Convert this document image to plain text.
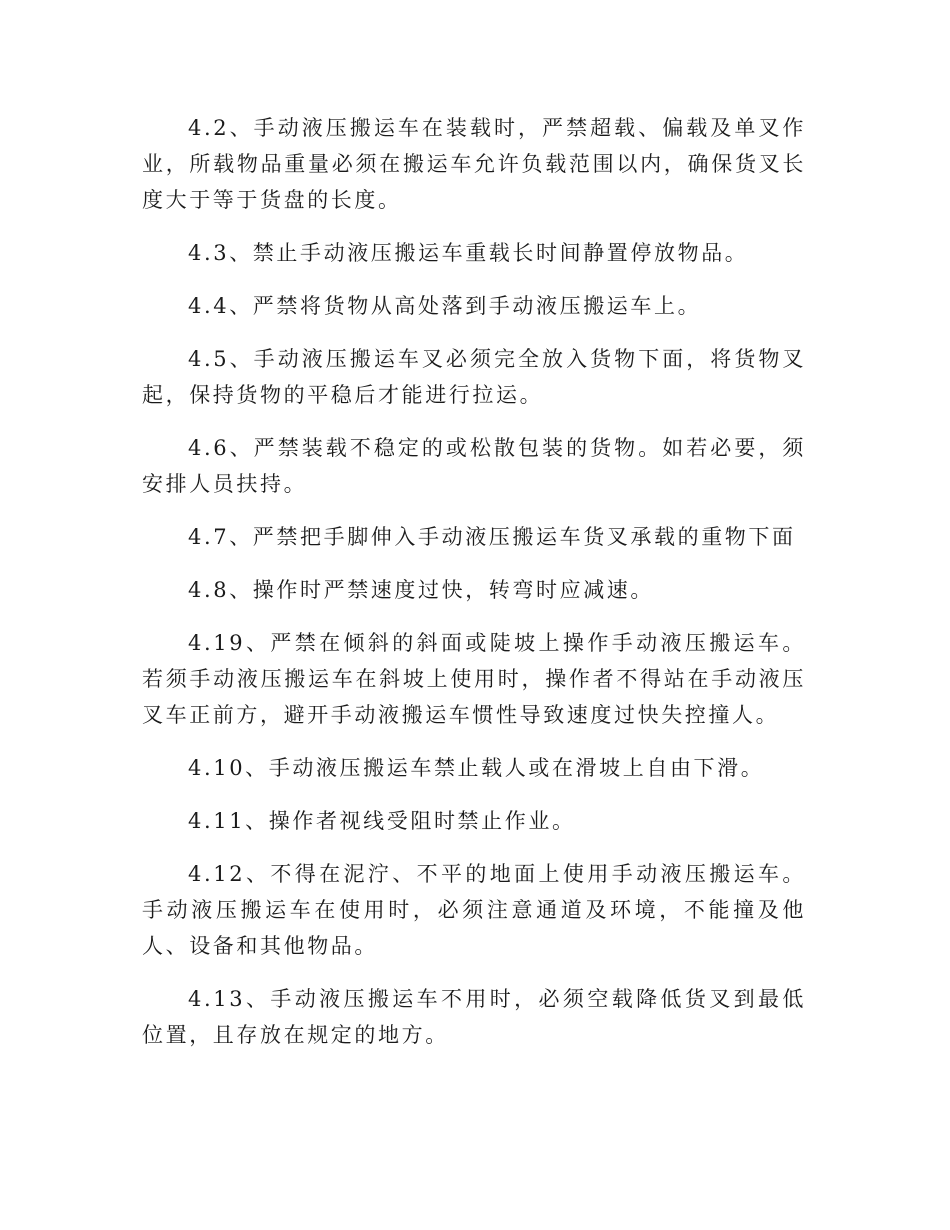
4.2、手动液压搬运车在装载时，严禁超载、偏载及单叉作业，所载物品重量必须在搬运车允许负载范围以内，确保货叉长度大于等于货盘的长度。

4.3、禁止手动液压搬运车重载长时间静置停放物品。

4.4、严禁将货物从高处落到手动液压搬运车上。

4.5、手动液压搬运车叉必须完全放入货物下面，将货物叉起，保持货物的平稳后才能进行拉运。

4.6、严禁装载不稳定的或松散包装的货物。如若必要，须安排人员扶持。

4.7、严禁把手脚伸入手动液压搬运车货叉承载的重物下面

4.8、操作时严禁速度过快，转弯时应减速。

4.19、严禁在倾斜的斜面或陡坡上操作手动液压搬运车。若须手动液压搬运车在斜坡上使用时，操作者不得站在手动液压叉车正前方，避开手动液搬运车惯性导致速度过快失控撞人。

4.10、手动液压搬运车禁止载人或在滑坡上自由下滑。

4.11、操作者视线受阻时禁止作业。

4.12、不得在泥泞、不平的地面上使用手动液压搬运车。手动液压搬运车在使用时，必须注意通道及环境，不能撞及他人、设备和其他物品。

4.13、手动液压搬运车不用时，必须空载降低货叉到最低位置，且存放在规定的地方。
